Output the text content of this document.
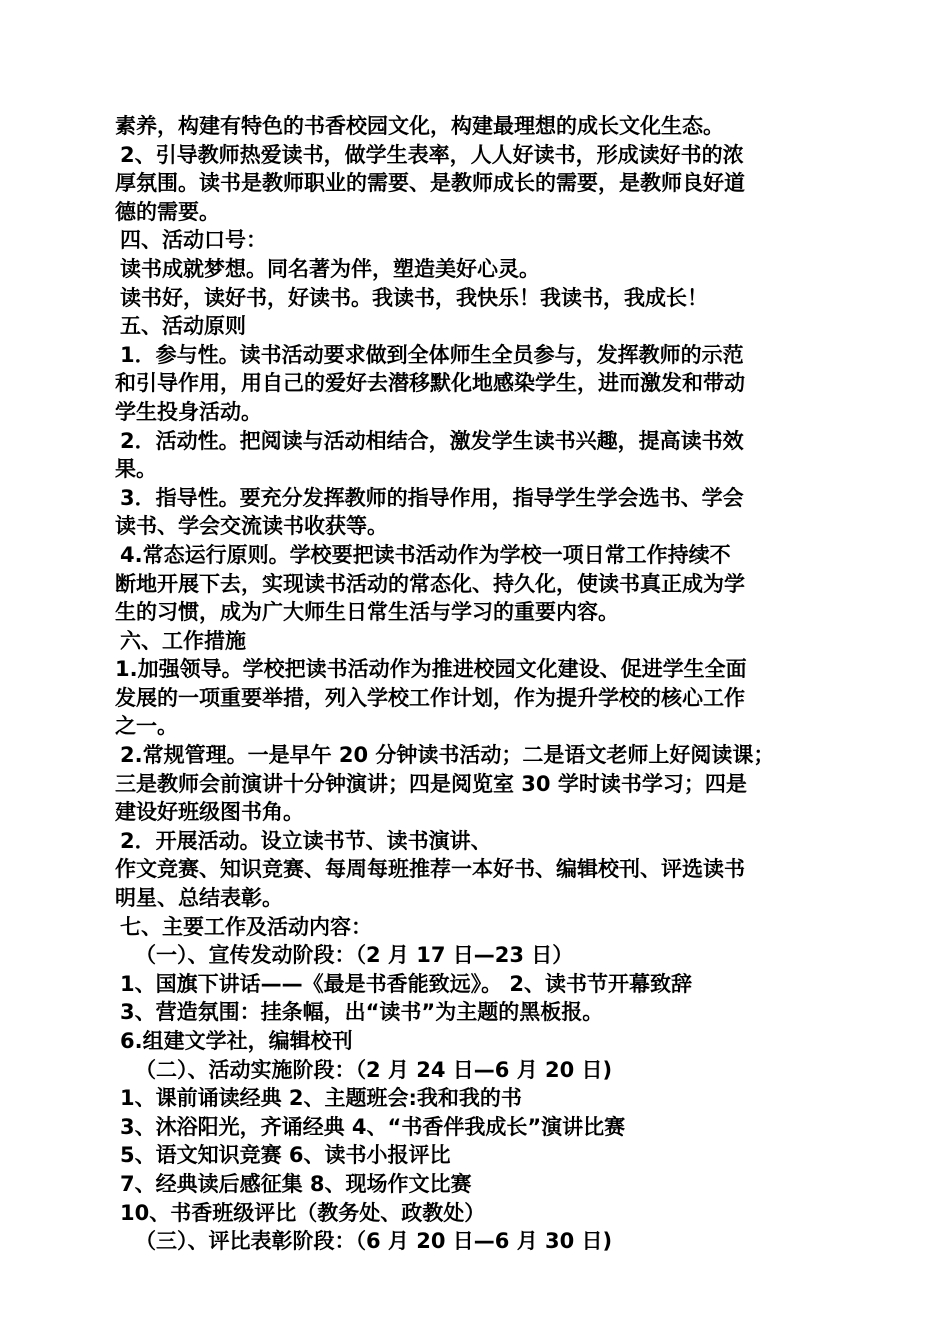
素养，构建有特色的书香校园文化，构建最理想的成长文化生态。
2、引导教师热爱读书，做学生表率，人人好读书，形成读好书的浓
厚氛围。读书是教师职业的需要、是教师成长的需要，是教师良好道
德的需要。
四、活动口号：
读书成就梦想。同名著为伴，塑造美好心灵。
读书好，读好书，好读书。我读书，我快乐！我读书，我成长！
五、活动原则
1．参与性。读书活动要求做到全体师生全员参与，发挥教师的示范
和引导作用，用自己的爱好去潜移默化地感染学生，进而激发和带动
学生投身活动。
2．活动性。把阅读与活动相结合，激发学生读书兴趣，提高读书效
果。
3．指导性。要充分发挥教师的指导作用，指导学生学会选书、学会
读书、学会交流读书收获等。
4.常态运行原则。学校要把读书活动作为学校一项日常工作持续不
断地开展下去，实现读书活动的常态化、持久化，使读书真正成为学
生的习惯，成为广大师生日常生活与学习的重要内容。
六、工作措施
1.加强领导。学校把读书活动作为推进校园文化建设、促进学生全面
发展的一项重要举措，列入学校工作计划，作为提升学校的核心工作
之一。
2.常规管理。一是早午 20 分钟读书活动；二是语文老师上好阅读课；
三是教师会前演讲十分钟演讲；四是阅览室 30 学时读书学习；四是
建设好班级图书角。
2．开展活动。设立读书节、读书演讲、
作文竞赛、知识竞赛、每周每班推荐一本好书、编辑校刊、评选读书
明星、总结表彰。
七、主要工作及活动内容：
（一）、宣传发动阶段：（2 月 17 日—23 日）
1、国旗下讲话——《最是书香能致远》。 2、读书节开幕致辞
3、营造氛围：挂条幅，出“读书”为主题的黑板报。
6.组建文学社，编辑校刊
（二）、活动实施阶段：（2 月 24 日—6 月 20 日)
1、课前诵读经典 2、主题班会:我和我的书
3、沐浴阳光，齐诵经典 4、“书香伴我成长”演讲比赛
5、语文知识竞赛 6、读书小报评比
7、经典读后感征集 8、现场作文比赛
10、书香班级评比（教务处、政教处）
（三）、评比表彰阶段：（6 月 20 日—6 月 30 日)
